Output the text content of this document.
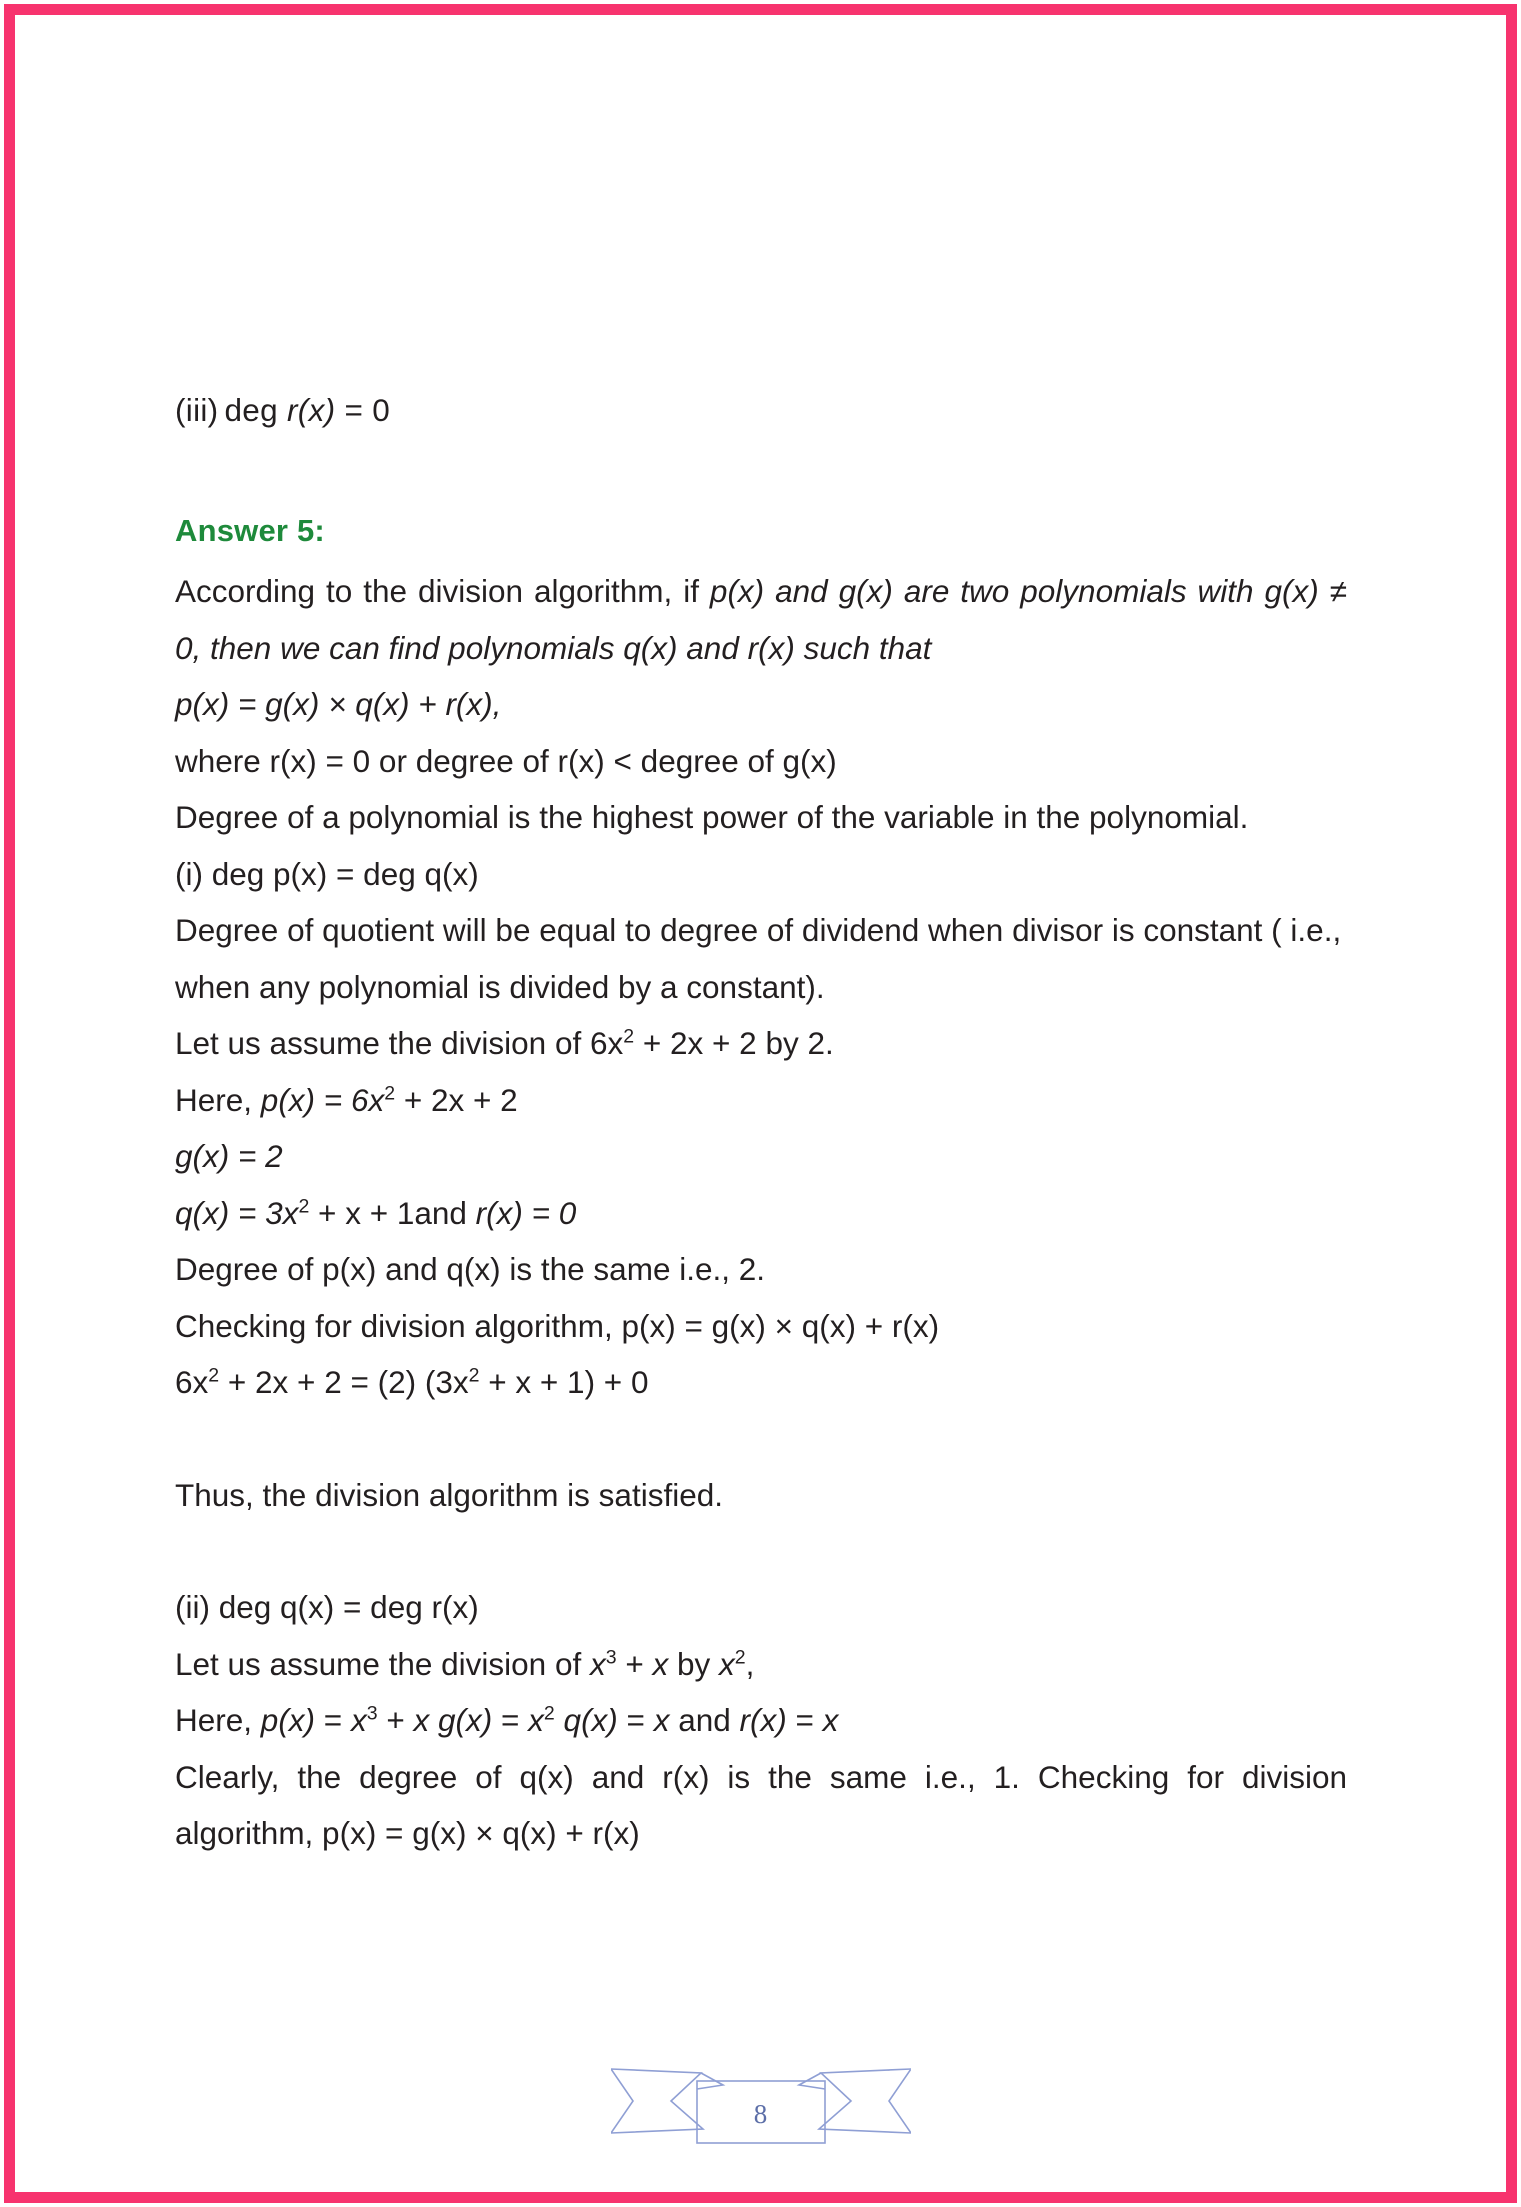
(iii) deg r(x) = 0
Answer 5:
According to the division algorithm, if p(x) and g(x) are two polynomials with g(x) ≠ 0, then we can find polynomials q(x) and r(x) such that
p(x) = g(x) × q(x) + r(x),
where r(x) = 0 or degree of r(x) < degree of g(x)
Degree of a polynomial is the highest power of the variable in the polynomial.
(i) deg p(x) = deg q(x)
Degree of quotient will be equal to degree of dividend when divisor is constant ( i.e., when any polynomial is divided by a constant).
Let us assume the division of $6x^2 + 2x + 2$ by 2.
Here, $p(x) = 6x^2 + 2x + 2$
g(x) = 2
$q(x) = 3x^2 + x + 1and$ r(x) = 0
Degree of p(x) and q(x) is the same i.e., 2.
Checking for division algorithm, p(x) = g(x) × q(x) + r(x)
$6x^2 + 2x + 2 = (2) (3x^2 + x + 1) + 0$
Thus, the division algorithm is satisfied.
(ii) deg q(x) = deg r(x)
Let us assume the division of $x^3 + x$ by $x^2$,
Here, $p(x) = x^3 + x$ $g(x) = x^2$ q(x) = x and r(x) = x
Clearly, the degree of q(x) and r(x) is the same i.e., 1. Checking for division algorithm, p(x) = g(x) × q(x) + r(x)
8
